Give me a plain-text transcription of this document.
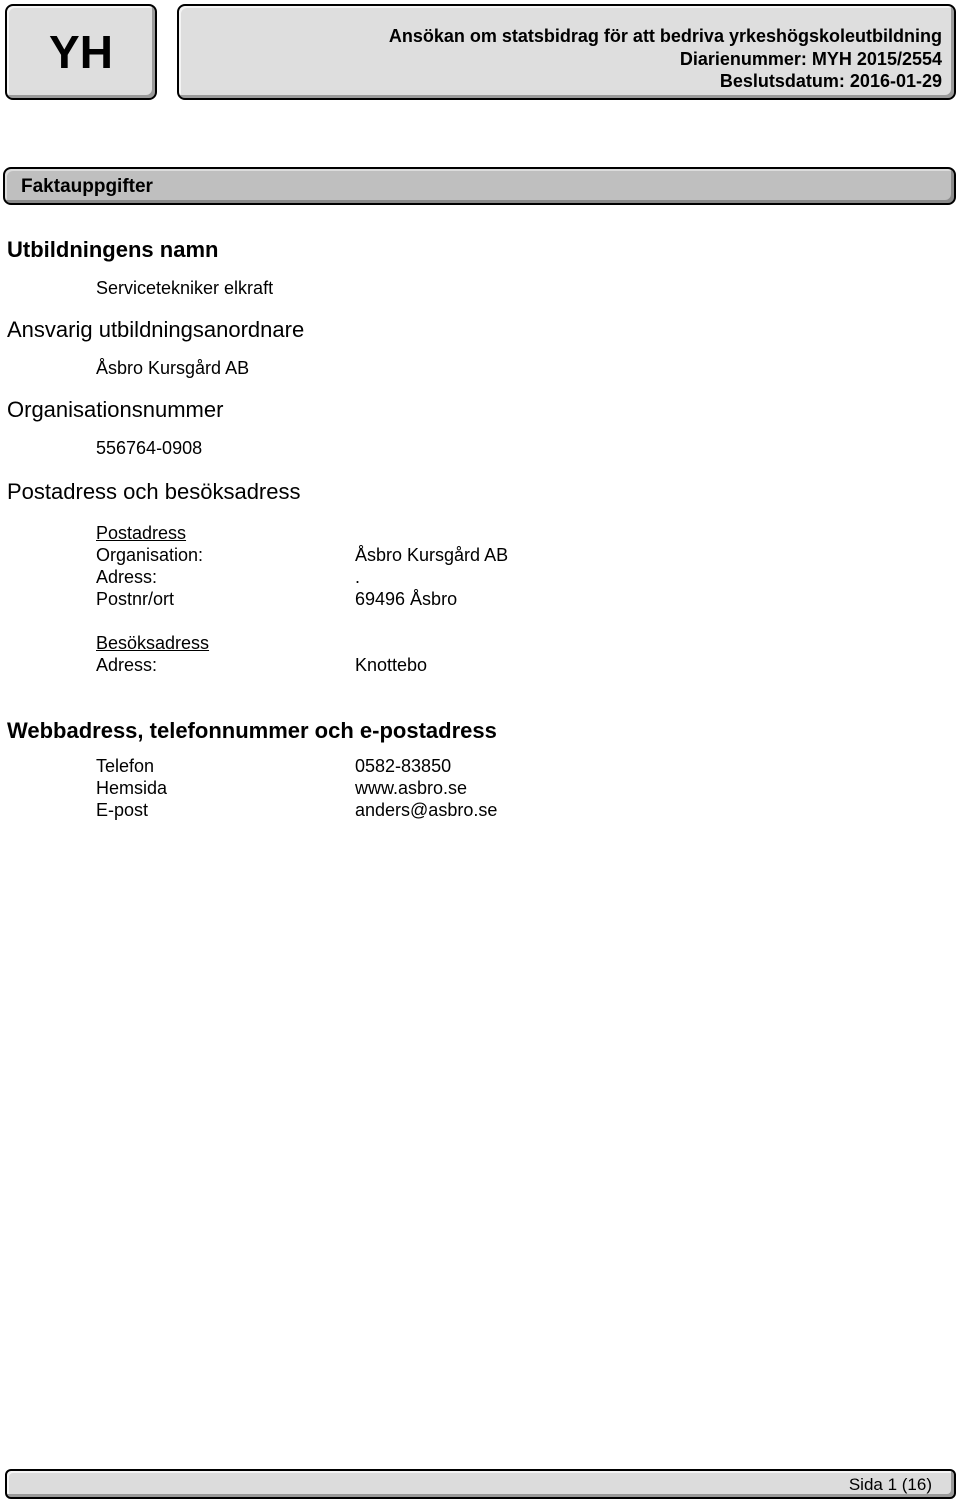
YH	Ansökan om statsbidrag för att bedriva yrkeshögskoleutbildning
Diarienummer: MYH 2015/2554
Beslutsdatum: 2016-01-29
Faktauppgifter
Utbildningens namn
Servicetekniker elkraft
Ansvarig utbildningsanordnare
Åsbro Kursgård AB
Organisationsnummer
556764-0908
Postadress och besöksadress
Postadress
Organisation:	Åsbro Kursgård AB
Adress:	.
Postnr/ort	69496 Åsbro
Besöksadress
Adress:	Knottebo
Webbadress, telefonnummer och e-postadress
Telefon	0582-83850
Hemsida	www.asbro.se
E-post	anders@asbro.se
Sida 1 (16)
